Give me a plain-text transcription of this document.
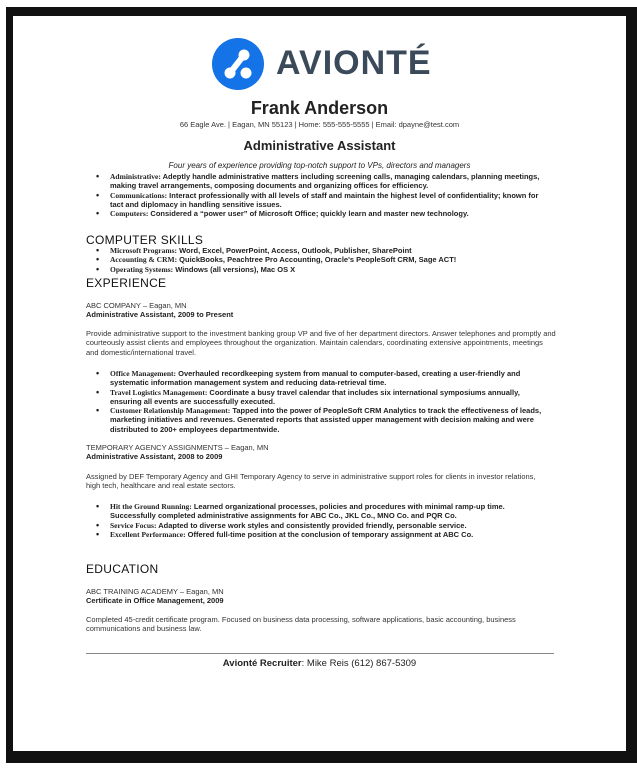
AVIONTÉ
Frank Anderson
66 Eagle Ave. | Eagan, MN 55123 | Home: 555-555-5555 | Email: dpayne@test.com
Administrative Assistant
Four years of experience providing top-notch support to VPs, directors and managers
• Administrative: Adeptly handle administrative matters including screening calls, managing calendars, planning meetings, making travel arrangements, composing documents and organizing offices for efficiency.
• Communications: Interact professionally with all levels of staff and maintain the highest level of confidentiality; known for tact and diplomacy in handling sensitive issues.
• Computers: Considered a “power user” of Microsoft Office; quickly learn and master new technology.
COMPUTER SKILLS
• Microsoft Programs: Word, Excel, PowerPoint, Access, Outlook, Publisher, SharePoint
• Accounting & CRM: QuickBooks, Peachtree Pro Accounting, Oracle's PeopleSoft CRM, Sage ACT!
• Operating Systems: Windows (all versions), Mac OS X
EXPERIENCE
ABC COMPANY – Eagan, MN
Administrative Assistant, 2009 to Present
Provide administrative support to the investment banking group VP and five of her department directors. Answer telephones and promptly and courteously assist clients and employees throughout the organization. Maintain calendars, coordinating extensive appointments, meetings and domestic/international travel.
• Office Management: Overhauled recordkeeping system from manual to computer-based, creating a user-friendly and systematic information management system and reducing data-retrieval time.
• Travel Logistics Management: Coordinate a busy travel calendar that includes six international symposiums annually, ensuring all events are successfully executed.
• Customer Relationship Management: Tapped into the power of PeopleSoft CRM Analytics to track the effectiveness of leads, marketing initiatives and revenues. Generated reports that assisted upper management with decision making and were distributed to 200+ employees departmentwide.
TEMPORARY AGENCY ASSIGNMENTS – Eagan, MN
Administrative Assistant, 2008 to 2009
Assigned by DEF Temporary Agency and GHI Temporary Agency to serve in administrative support roles for clients in investor relations, high tech, healthcare and real estate sectors.
• Hit the Ground Running: Learned organizational processes, policies and procedures with minimal ramp-up time. Successfully completed administrative assignments for ABC Co., JKL Co., MNO Co. and PQR Co.
• Service Focus: Adapted to diverse work styles and consistently provided friendly, personable service.
• Excellent Performance: Offered full-time position at the conclusion of temporary assignment at ABC Co.
EDUCATION
ABC TRAINING ACADEMY – Eagan, MN
Certificate in Office Management, 2009
Completed 45-credit certificate program. Focused on business data processing, software applications, basic accounting, business communications and business law.
Avionté Recruiter: Mike Reis (612) 867-5309
